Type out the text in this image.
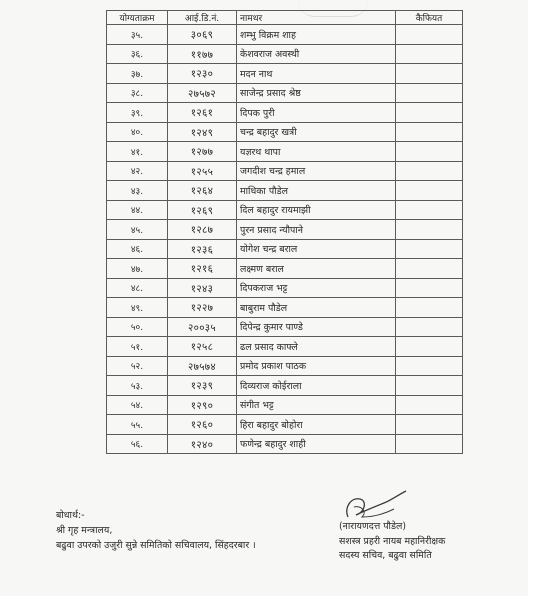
योग्यताक्रम	आई.डि.नं.	नामथर	कैफियत
३५.	३०६९	शम्भु विक्रम शाह	
३६.	११७७	केशवराज अवस्थी	
३७.	१२३०	मदन नाथ	
३८.	२७५७२	साजेन्द्र प्रसाद श्रेष्ठ	
३९.	१२६१	दिपक पुरी	
४०.	१२४९	चन्द्र बहादुर खत्री	
४१.	१२७७	यज्ञरथ थापा	
४२.	१२५५	जगदीश चन्द्र हमाल	
४३.	१२६४	माधिका पौडेल	
४४.	१२६९	दिल बहादुर रायमाझी	
४५.	१२८७	पुरन प्रसाद न्यौपाने	
४६.	१२३६	योगेश चन्द्र बराल	
४७.	१२१६	लक्ष्मण बराल	
४८.	१२४३	दिपकराज भट्ट	
४९.	१२२७	बाबुराम पौडेल	
५०.	२००३५	दिपेन्द्र कुमार पाण्डे	
५१.	१२५८	ढल प्रसाद काफ्ले	
५२.	२७५७४	प्रमोद प्रकाश पाठक	
५३.	१२३९	दिव्यराज कोईराला	
५४.	१२९०	संगीत भट्ट	
५५.	१२६०	हिरा बहादुर बोहोरा	
५६.	१२४०	फणेन्द्र बहादुर शाही	
बोधार्थ:-
श्री गृह मन्त्रालय,
बढुवा उपरको उजुरी सुन्ने समितिको सचिवालय, सिंहदरबार ।
(नारायणदत्त पौडेल)
सशस्त्र प्रहरी नायब महानिरीक्षक
सदस्य सचिव, बढुवा समिति
